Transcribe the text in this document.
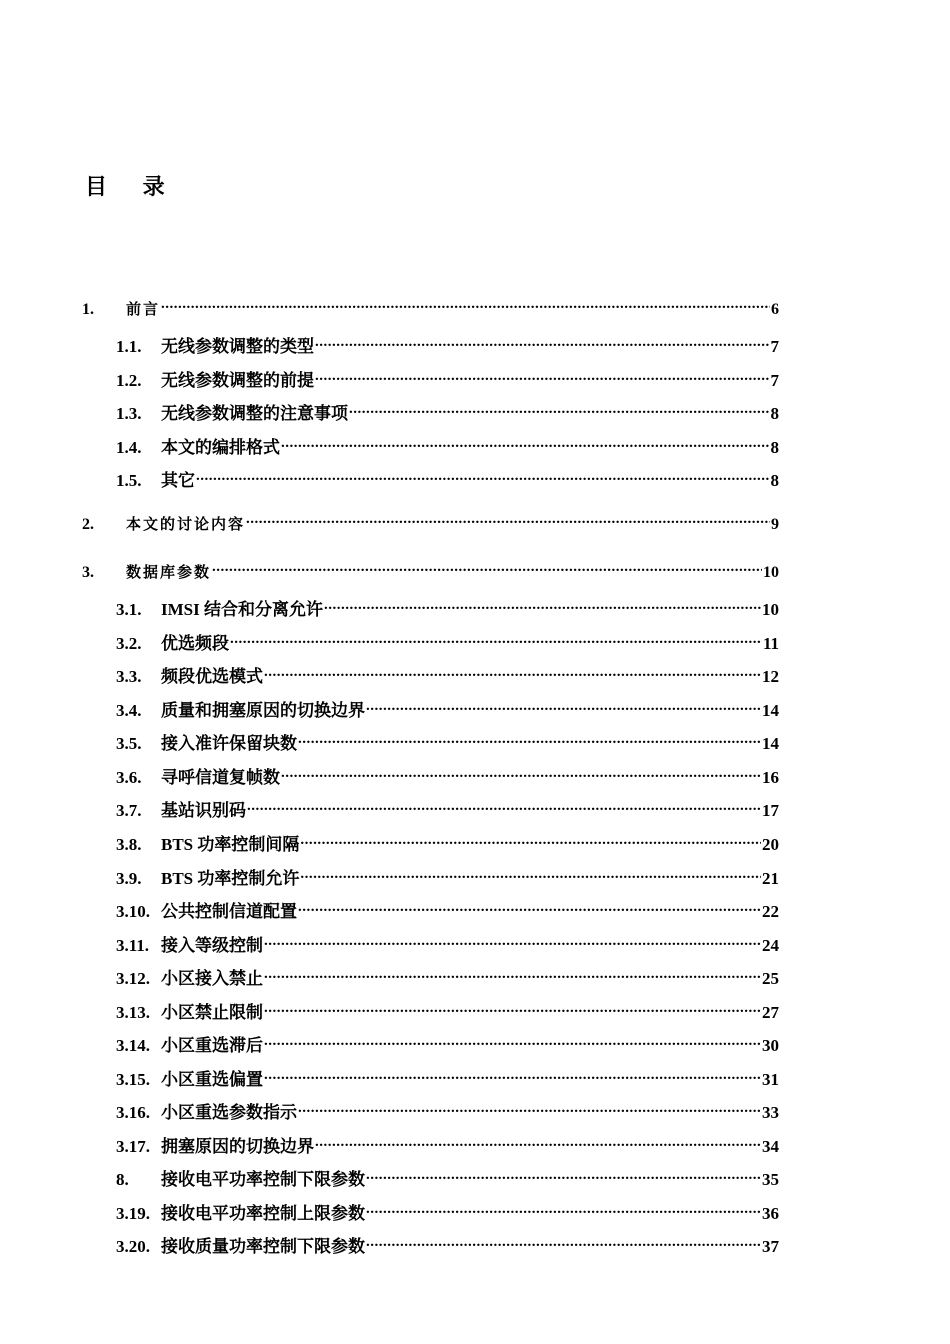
目 录
1.	前言 .....	6
1.1.	无线参数调整的类型 .....	7
1.2.	无线参数调整的前提 .....	7
1.3.	无线参数调整的注意事项 .....	8
1.4.	本文的编排格式 .....	8
1.5.	其它 .....	8
2.	本文的讨论内容 .....	9
3.	数据库参数 .....	10
3.1.	IMSI 结合和分离允许 .....	10
3.2.	优选频段 .....	11
3.3.	频段优选模式 .....	12
3.4.	质量和拥塞原因的切换边界 .....	14
3.5.	接入准许保留块数 .....	14
3.6.	寻呼信道复帧数 .....	16
3.7.	基站识别码 .....	17
3.8.	BTS 功率控制间隔 .....	20
3.9.	BTS 功率控制允许 .....	21
3.10. 公共控制信道配置 .....	22
3.11. 接入等级控制 .....	24
3.12. 小区接入禁止 .....	25
3.13. 小区禁止限制 .....	27
3.14. 小区重选滞后 .....	30
3.15. 小区重选偏置 .....	31
3.16. 小区重选参数指示 .....	33
3.17. 拥塞原因的切换边界 .....	34
8.	接收电平功率控制下限参数 .....	35
3.19. 接收电平功率控制上限参数 .....	36
3.20. 接收质量功率控制下限参数 .....	37
